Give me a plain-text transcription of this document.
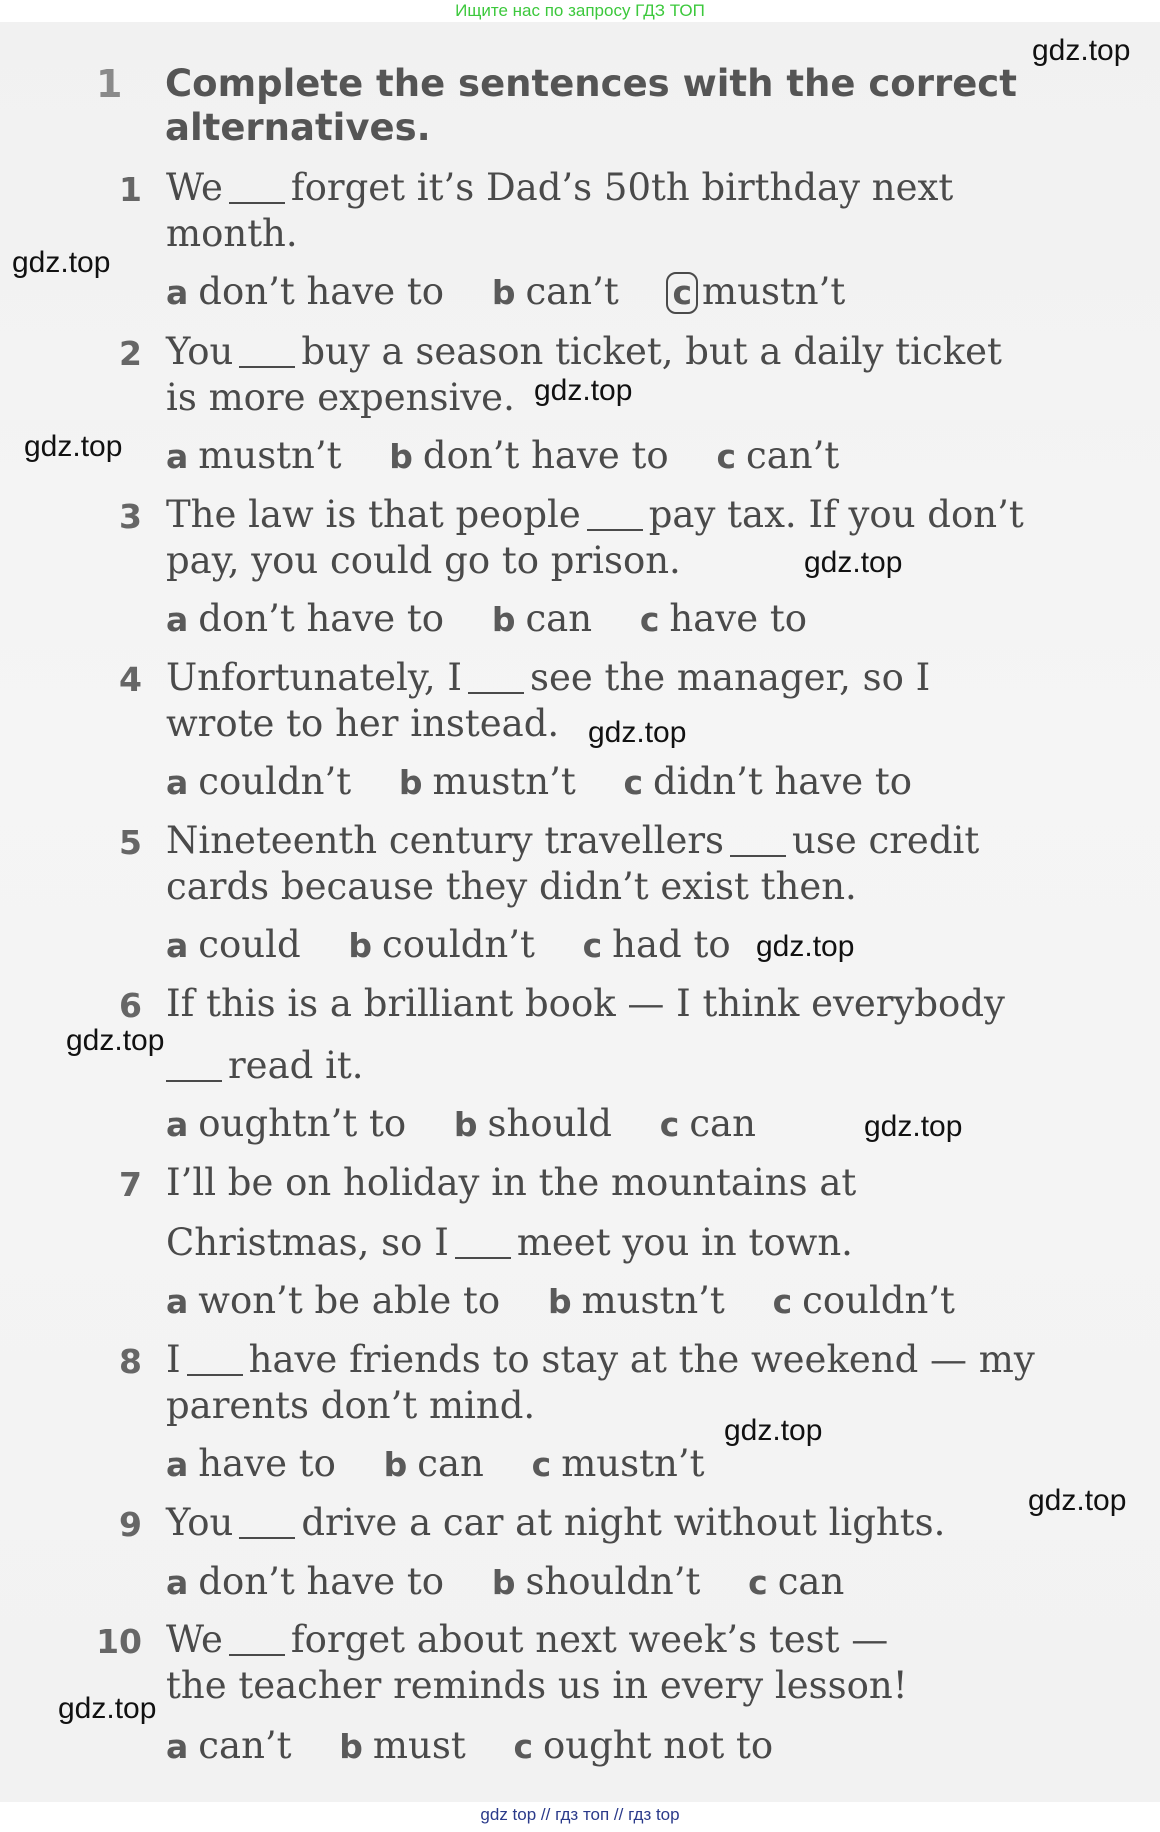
Ищите нас по запросу ГДЗ ТОП
1 Complete the sentences with the correct
alternatives.
1 We forget it’s Dad’s 50th birthday next
month.
a don’t have to b can’t c mustn’t
2 You buy a season ticket, but a daily ticket
is more expensive.
a mustn’t b don’t have to c can’t
3 The law is that people pay tax. If you don’t
pay, you could go to prison.
a don’t have to b can c have to
4 Unfortunately, I see the manager, so I
wrote to her instead.
a couldn’t b mustn’t c didn’t have to
5 Nineteenth century travellers use credit
cards because they didn’t exist then.
a could b couldn’t c had to
6 If this is a brilliant book — I think everybody
read it.
a oughtn’t to b should c can
7 I’ll be on holiday in the mountains at
Christmas, so I meet you in town.
a won’t be able to b mustn’t c couldn’t
8 I have friends to stay at the weekend — my
parents don’t mind.
a have to b can c mustn’t
9 You drive a car at night without lights.
a don’t have to b shouldn’t c can
10 We forget about next week’s test —
the teacher reminds us in every lesson!
a can’t b must c ought not to
gdz.top
gdz.top
gdz.top
gdz.top
gdz.top
gdz.top
gdz.top
gdz.top
gdz.top
gdz.top
gdz.top
gdz.top
gdz top // гдз топ // гдз top
